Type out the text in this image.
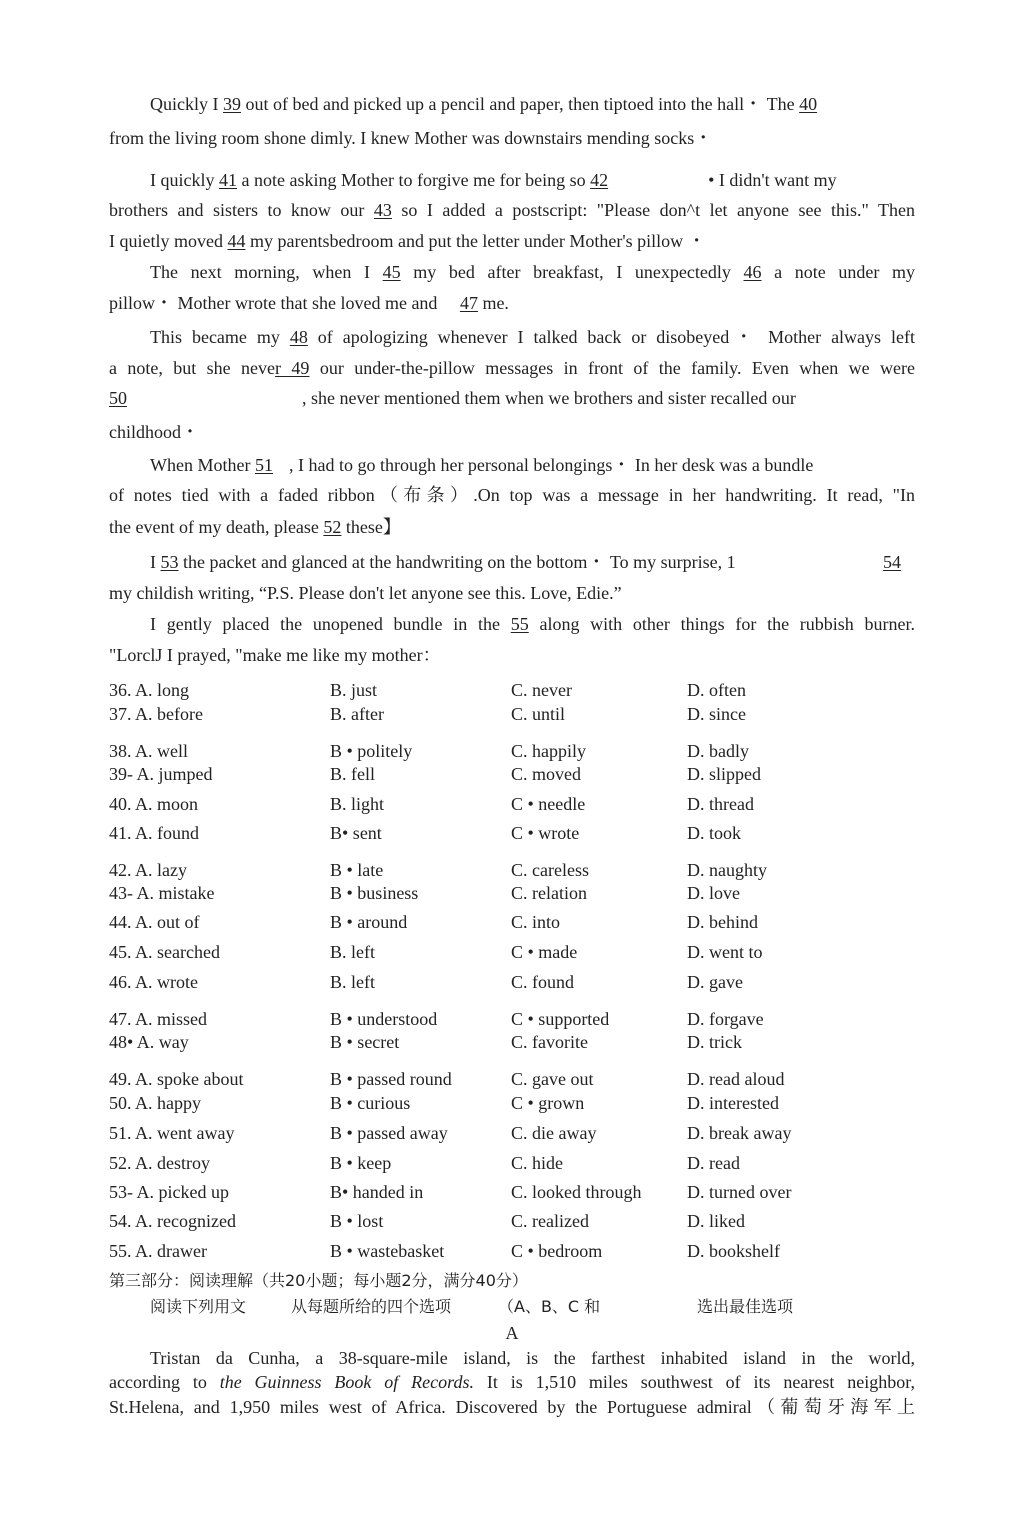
Quickly I 39 out of bed and picked up a pencil and paper, then tiptoed into the hall・ The 40
from the living room shone dimly. I knew Mother was downstairs mending socks・
I quickly 41 a note asking Mother to forgive me for being so 42	• I didn't want my
brothers and sisters to know our 43 so I added a postscript: "Please don^t let anyone see this." Then
I quietly moved 44 my parentsbedroom and put the letter under Mother's pillow ・
The next morning, when I 45 my bed after breakfast, I unexpectedly 46 a note under my
pillow・ Mother wrote that she loved me and 47 me.
This became my 48 of apologizing whenever I talked back or disobeyed・ Mother always left
a note, but she never 49 our under-the-pillow messages in front of the family. Even when we were
50	, she never mentioned them when we brothers and sister recalled our
childhood・
When Mother 51 , I had to go through her personal belongings・ In her desk was a bundle
of notes tied with a faded ribbon（布条）.On top was a message in her handwriting. It read, "In
the event of my death, please 52 these】
I 53 the packet and glanced at the handwriting on the bottom・ To my surprise, 1	54
my childish writing, “P.S. Please don't let anyone see this. Love, Edie.”
I gently placed the unopened bundle in the 55 along with other things for the rubbish burner.
"LorclJ I prayed, "make me like my mother：
36. A. long	B. just	C. never	D. often
37. A. before	B. after	C. until	D. since
38. A. well	B • politely	C. happily	D. badly
39- A. jumped	B. fell	C. moved	D. slipped
40. A. moon	B. light	C • needle	D. thread
41. A. found	B• sent	C • wrote	D. took
42. A. lazy	B • late	C. careless	D. naughty
43- A. mistake	B • business	C. relation	D. love
44. A. out of	B • around	C. into	D. behind
45. A. searched	B. left	C • made	D. went to
46. A. wrote	B. left	C. found	D. gave
47. A. missed	B • understood	C • supported	D. forgave
48• A. way	B • secret	C. favorite	D. trick
49. A. spoke about	B • passed round	C. gave out	D. read aloud
50. A. happy	B • curious	C • grown	D. interested
51. A. went away	B • passed away	C. die away	D. break away
52. A. destroy	B • keep	C. hide	D. read
53- A. picked up	B• handed in	C. looked through	D. turned over
54. A. recognized	B • lost	C. realized	D. liked
55. A. drawer	B • wastebasket	C • bedroom	D. bookshelf
第三部分：阅读理解（共20小题；每小题2分，满分40分）
阅读下列用文	从每题所给的四个选项	（A、B、C 和	选出最佳选项
A
Tristan da Cunha, a 38-square-mile island, is the farthest inhabited island in the world,
according to the Guinness Book of Records. It is 1,510 miles southwest of its nearest neighbor,
St.Helena, and 1,950 miles west of Africa. Discovered by the Portuguese admiral（葡萄牙海军上
